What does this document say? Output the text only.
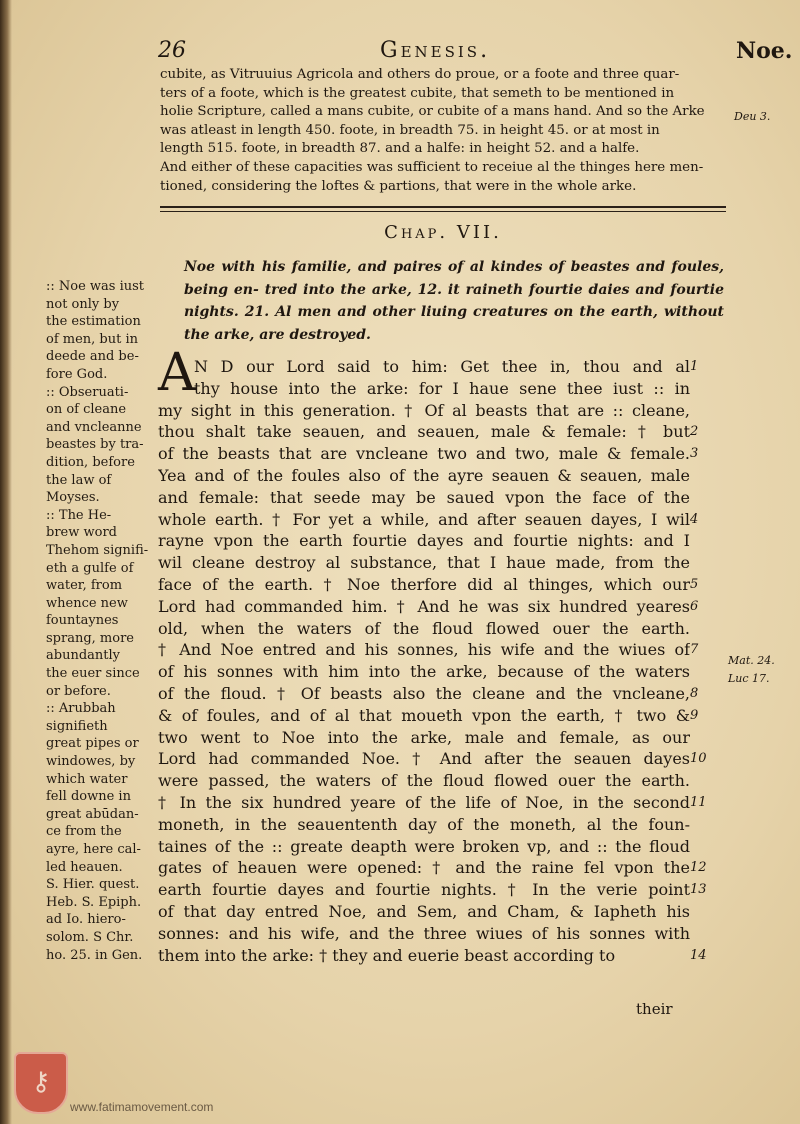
26	Genesis.	Noe.

cubite, as Vitruuius Agricola and others do proue, or a foote and three quar-

ters of a foote, which is the greatest cubite, that semeth to be mentioned in

holie Scripture, called a mans cubite, or cubite of a mans hand. And so the Arke

was atleast in length 450. foote, in breadth 75. in height 45. or at most in

length 515. foote, in breadth 87. and a halfe: in height 52. and a halfe.

And either of these capacities was sufficient to receiue al the thinges here men-

tioned, considering the loftes & partions, that were in the whole arke.

Deu 3.
Chap. VII.
Noe with his familie, and paires of al kindes of beastes and foules, being en- tred into the arke, 12. it raineth fourtie daies and fourtie nights. 21. Al men and other liuing creatures on the earth, without the arke, are destroyed.
:: Noe was iust
not only by
the estimation
of men, but in
deede and be-
fore God.
:: Obseruati-
on of cleane
and vncleanne
beastes by tra-
dition, before
the law of
Moyses.
:: The He-
brew word
Thehom signifi-
eth a gulfe of
water, from
whence new
fountaynes
sprang, more
abundantly
the euer since
or before.
:: Arubbah
signifieth
great pipes or
windowes, by
which water
fell downe in
great abūdan-
ce from the
ayre, here cal-
led heauen.
S. Hier. quest.
Heb. S. Epiph.
ad Io. hiero-
solom. S Chr.
ho. 25. in Gen.
A
N D our Lord said to him: Get thee in, thou and al
thy house into the arke: for I haue sene thee iust :: in
my sight in this generation. † Of al beasts that are :: cleane,
thou shalt take seauen, and seauen, male & female: † but
of the beasts that are vncleane two and two, male & female.
Yea and of the foules also of the ayre seauen & seauen, male
and female: that seede may be saued vpon the face of the
whole earth. † For yet a while, and after seauen dayes, I wil
rayne vpon the earth fourtie dayes and fourtie nights: and I
wil cleane destroy al substance, that I haue made, from the
face of the earth. † Noe therfore did al thinges, which our
Lord had commanded him. † And he was six hundred yeares
old, when the waters of the floud flowed ouer the earth.
† And Noe entred and his sonnes, his wife and the wiues of
of his sonnes with him into the arke, because of the waters
of the floud. † Of beasts also the cleane and the vncleane,
& of foules, and of al that moueth vpon the earth, † two &
two went to Noe into the arke, male and female, as our
Lord had commanded Noe. † And after the seauen dayes
were passed, the waters of the floud flowed ouer the earth.
† In the six hundred yeare of the life of Noe, in the second
moneth, in the seauententh day of the moneth, al the foun-
taines of the :: greate deapth were broken vp, and :: the floud
gates of heauen were opened: † and the raine fel vpon the
earth fourtie dayes and fourtie nights. † In the verie point
of that day entred Noe, and Sem, and Cham, & Iapheth his
sonnes: and his wife, and the three wiues of his sonnes with
them into the arke: † they and euerie beast according to
1
2
3
4
5
6
7
8
9
10
11
12
13
14
Mat. 24.
Luc 17.
their
⚷
www.fatimamovement.com
